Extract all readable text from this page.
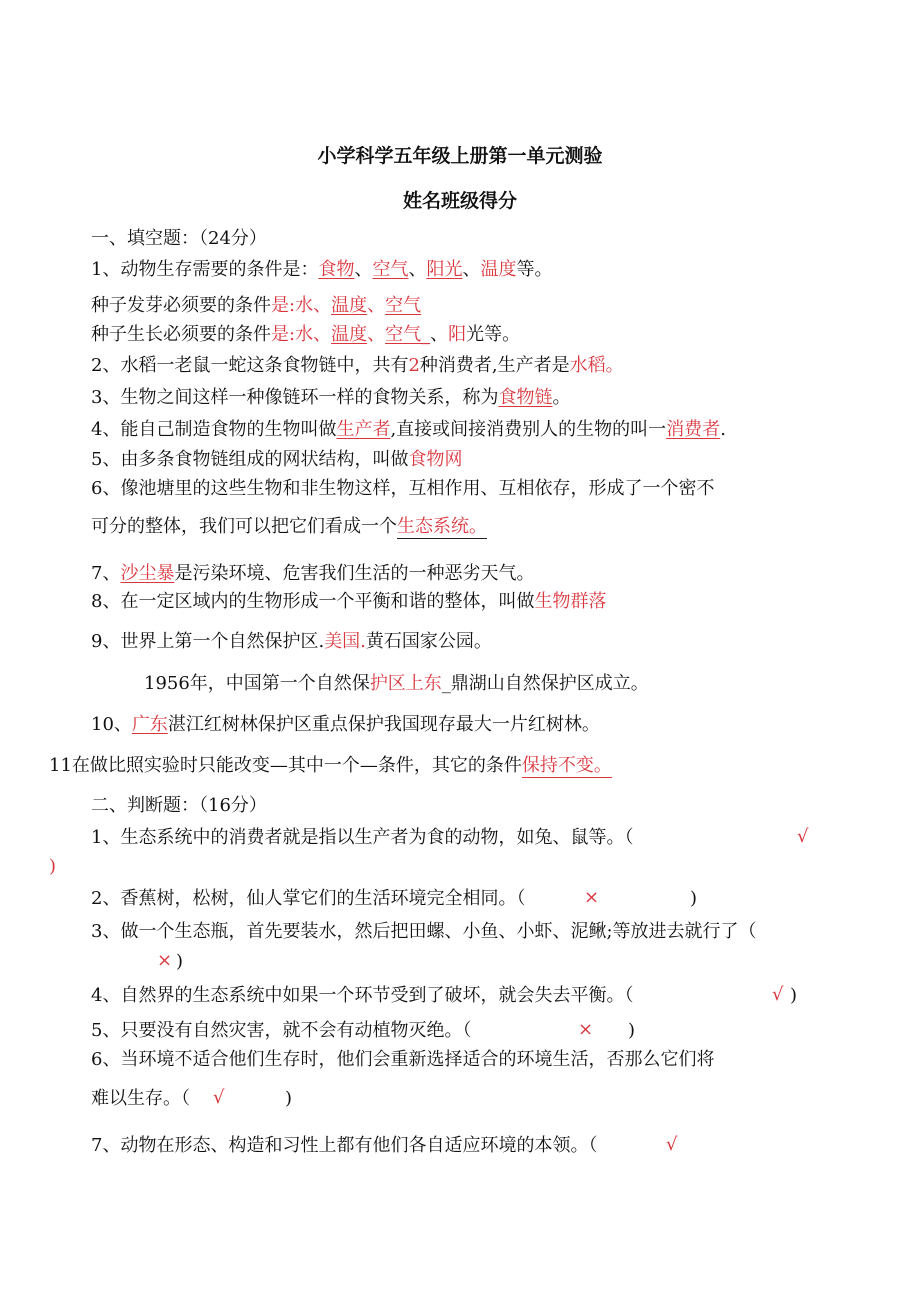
小学科学五年级上册第一单元测验
姓名班级得分
一、填空题：（24分）
1、动物生存需要的条件是：食物、空气、阳光、温度等。
种子发芽必须要的条件是:水、温度、空气
种子生长必须要的条件是:水、温度、空气_、阳光等。
2、水稻一老鼠一蛇这条食物链中，共有2种消费者,生产者是水稻。
3、生物之间这样一种像链环一样的食物关系，称为食物链。
4、能自己制造食物的生物叫做生产者,直接或间接消费别人的生物的叫一消费者.
5、由多条食物链组成的网状结构，叫做食物网
6、像池塘里的这些生物和非生物这样，互相作用、互相依存，形成了一个密不
可分的整体，我们可以把它们看成一个生态系统。
7、沙尘暴是污染环境、危害我们生活的一种恶劣天气。
8、在一定区域内的生物形成一个平衡和谐的整体，叫做生物群落
9、世界上第一个自然保护区.美国.黄石国家公园。
1956年，中国第一个自然保护区上东_鼎湖山自然保护区成立。
10、广东湛江红树林保护区重点保护我国现存最大一片红树林。
11在做比照实验时只能改变—其中一个—条件，其它的条件保持不变。
二、判断题：（16分）
1、生态系统中的消费者就是指以生产者为食的动物，如兔、鼠等。（	√
)
2、香蕉树，松树，仙人掌它们的生活环境完全相同。（	×	)
3、做一个生态瓶，首先要装水，然后把田螺、小鱼、小虾、泥鳅;等放进去就行了（
× )
4、自然界的生态系统中如果一个环节受到了破坏，就会失去平衡。（	√ )
5、只要没有自然灾害，就不会有动植物灭绝。（	× )
6、当环境不适合他们生存时，他们会重新选择适合的环境生活，否那么它们将
难以生存。（ √	)
7、动物在形态、构造和习性上都有他们各自适应环境的本领。（	√
